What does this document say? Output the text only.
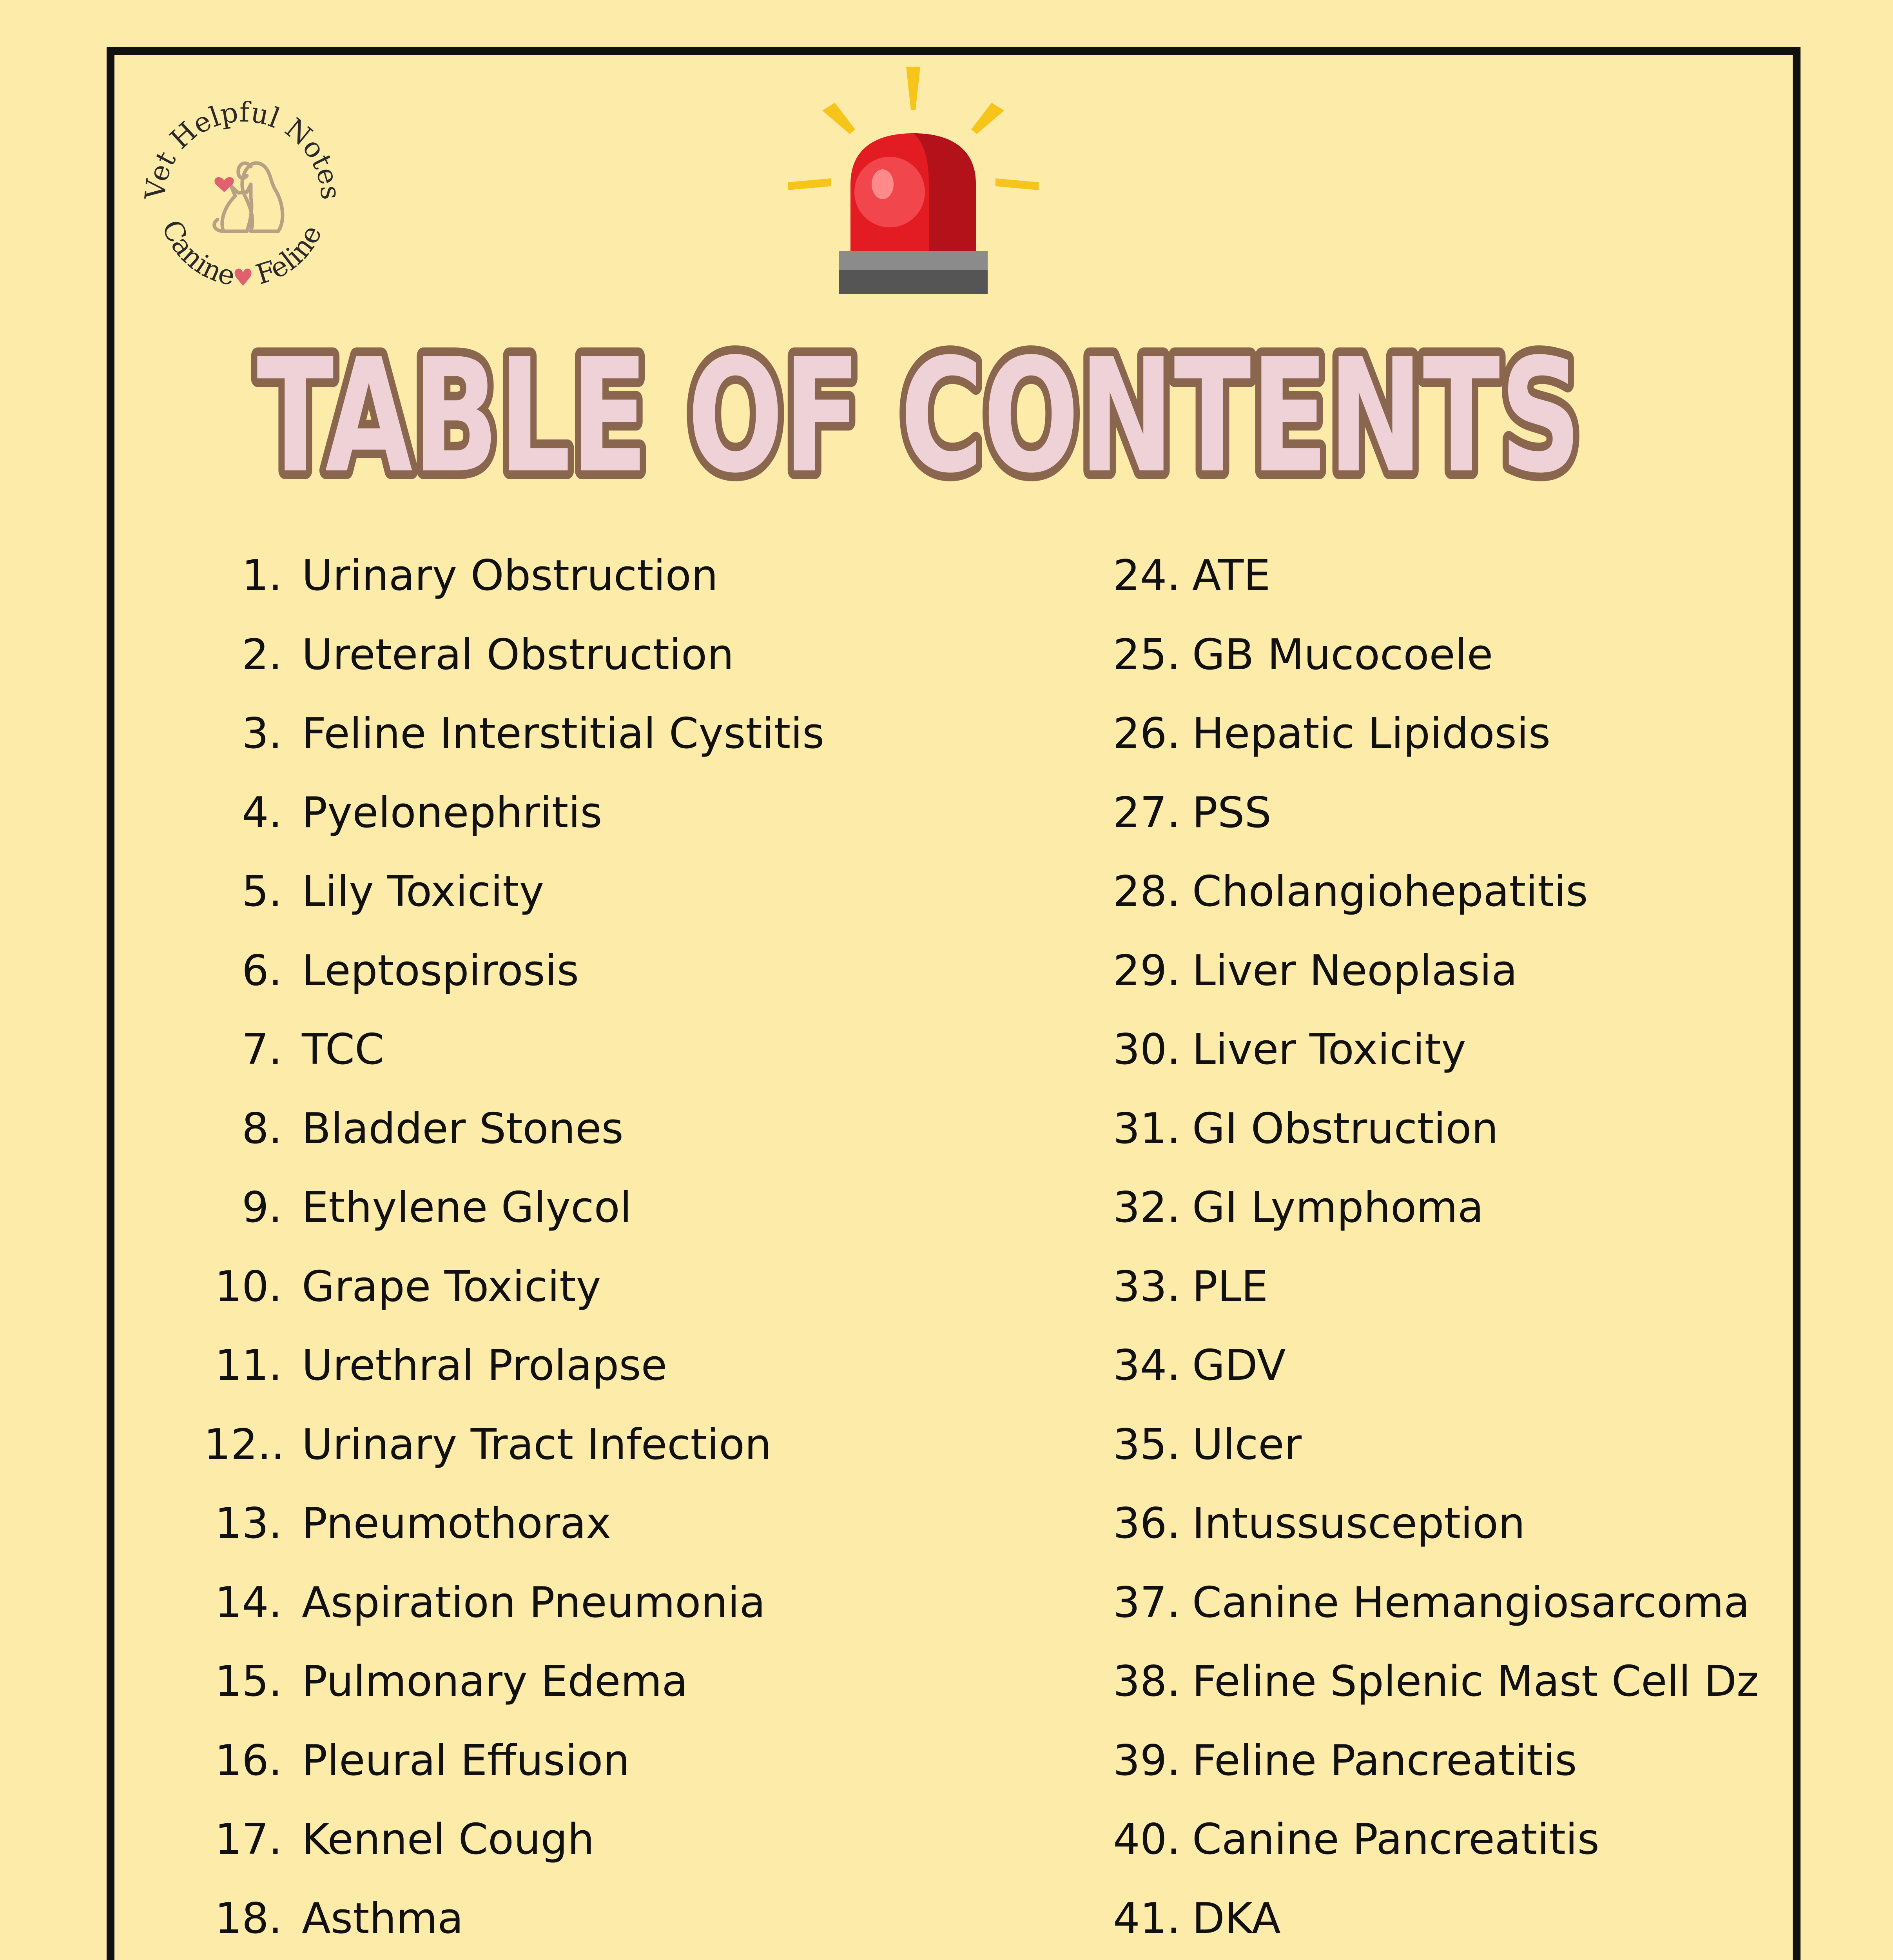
Vet Helpful Notes
Canine
♥
Feline
TABLE OF CONTENTS
1. Urinary Obstruction
2. Ureteral Obstruction
3. Feline Interstitial Cystitis
4. Pyelonephritis
5. Lily Toxicity
6. Leptospirosis
7. TCC
8. Bladder Stones
9. Ethylene Glycol
10. Grape Toxicity
11. Urethral Prolapse
12.. Urinary Tract Infection
13. Pneumothorax
14. Aspiration Pneumonia
15. Pulmonary Edema
16. Pleural Effusion
17. Kennel Cough
18. Asthma
24. ATE
25. GB Mucocoele
26. Hepatic Lipidosis
27. PSS
28. Cholangiohepatitis
29. Liver Neoplasia
30. Liver Toxicity
31. GI Obstruction
32. GI Lymphoma
33. PLE
34. GDV
35. Ulcer
36. Intussusception
37. Canine Hemangiosarcoma
38. Feline Splenic Mast Cell Dz
39. Feline Pancreatitis
40. Canine Pancreatitis
41. DKA
